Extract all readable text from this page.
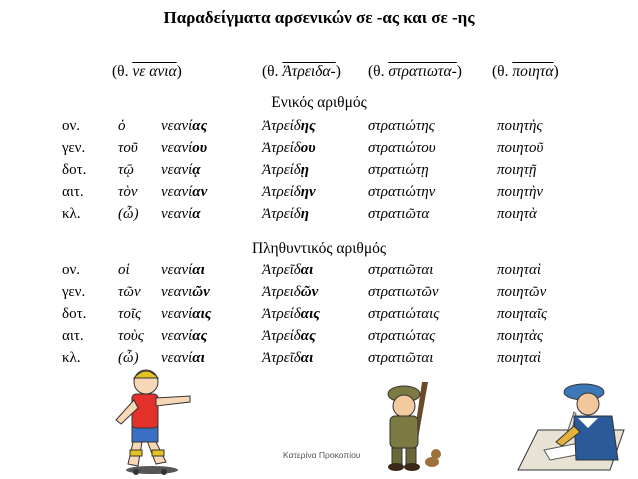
Παραδείγματα αρσενικών σε -ας και σε -ης
(θ. νε ανια)	(θ. Ἀτρειδα-) (θ. στρατιωτα-) (θ. ποιητα)
Ενικός αριθμός
ον.	ὁ νεανίας	Ἀτρείδης	στρατιώτης	ποιητὴς
γεν. τοῦ νεανίου	Ἀτρείδου	στρατιώτου	ποιητοῦ
δοτ. τῷ νεανίᾳ	Ἀτρείδῃ	στρατιώτῃ	ποιητῇ
αιτ. τὸν νεανίαν	Ἀτρείδην	στρατιώτην	ποιητὴν
κλ. (ὦ) νεανία	Ἀτρείδη	στρατιῶτα	ποιητὰ
Πληθυντικός αριθμός
ον.	οἱ νεανίαι	Ἀτρεῖδαι	στρατιῶται	ποιηταὶ
γεν. τῶν νεανιῶν	Ἀτρειδῶν	στρατιωτῶν	ποιητῶν
δοτ. τοῖς νεανίαις	Ἀτρείδαις	στρατιώταις	ποιηταῖς
αιτ. τοὺς νεανίας	Ἀτρείδας	στρατιώτας	ποιητὰς
κλ. (ὦ) νεανίαι	Ἀτρεῖδαι	στρατιῶται	ποιηταὶ
Κατερίνα Προκοπίου
